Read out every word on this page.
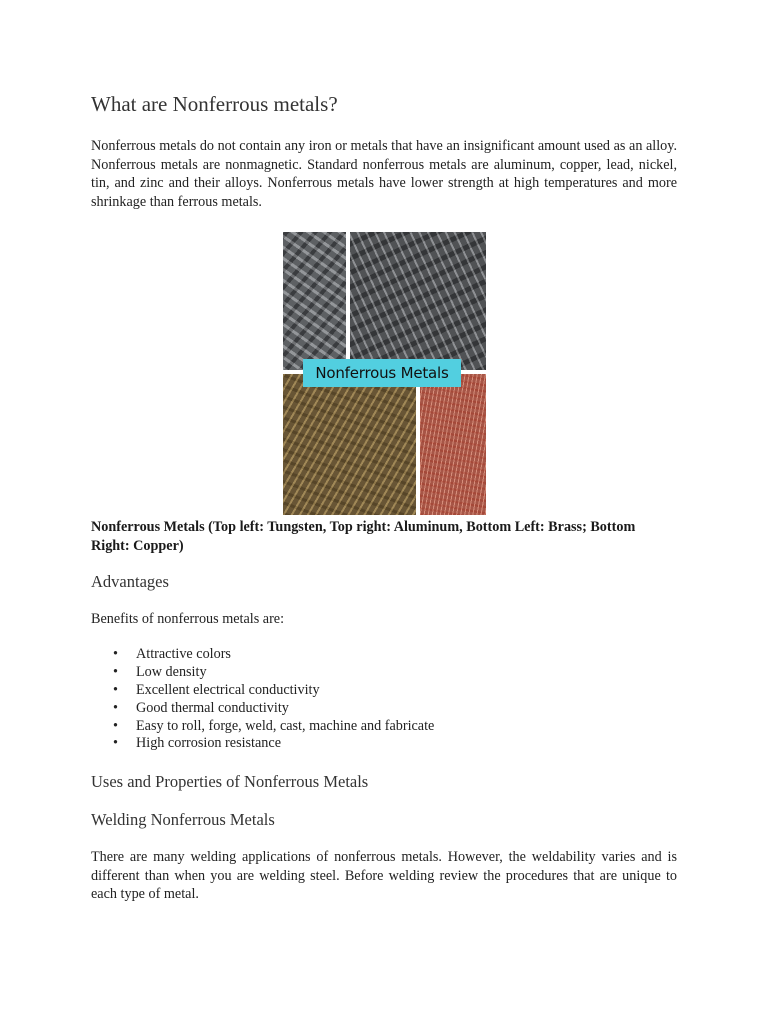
What are Nonferrous metals?

Nonferrous metals do not contain any iron or metals that have an insignificant amount used as an alloy. Nonferrous metals are nonmagnetic. Standard nonferrous metals are aluminum, copper, lead, nickel, tin, and zinc and their alloys. Nonferrous metals have lower strength at high temperatures and more shrinkage than ferrous metals.

Nonferrous Metals

Nonferrous Metals (Top left: Tungsten, Top right: Aluminum, Bottom Left: Brass; Bottom Right: Copper)

Advantages

Benefits of nonferrous metals are:

• Attractive colors
• Low density
• Excellent electrical conductivity
• Good thermal conductivity
• Easy to roll, forge, weld, cast, machine and fabricate
• High corrosion resistance
Uses and Properties of Nonferrous Metals
Welding Nonferrous Metals

There are many welding applications of nonferrous metals. However, the weldability varies and is different than when you are welding steel. Before welding review the procedures that are unique to each type of metal.
